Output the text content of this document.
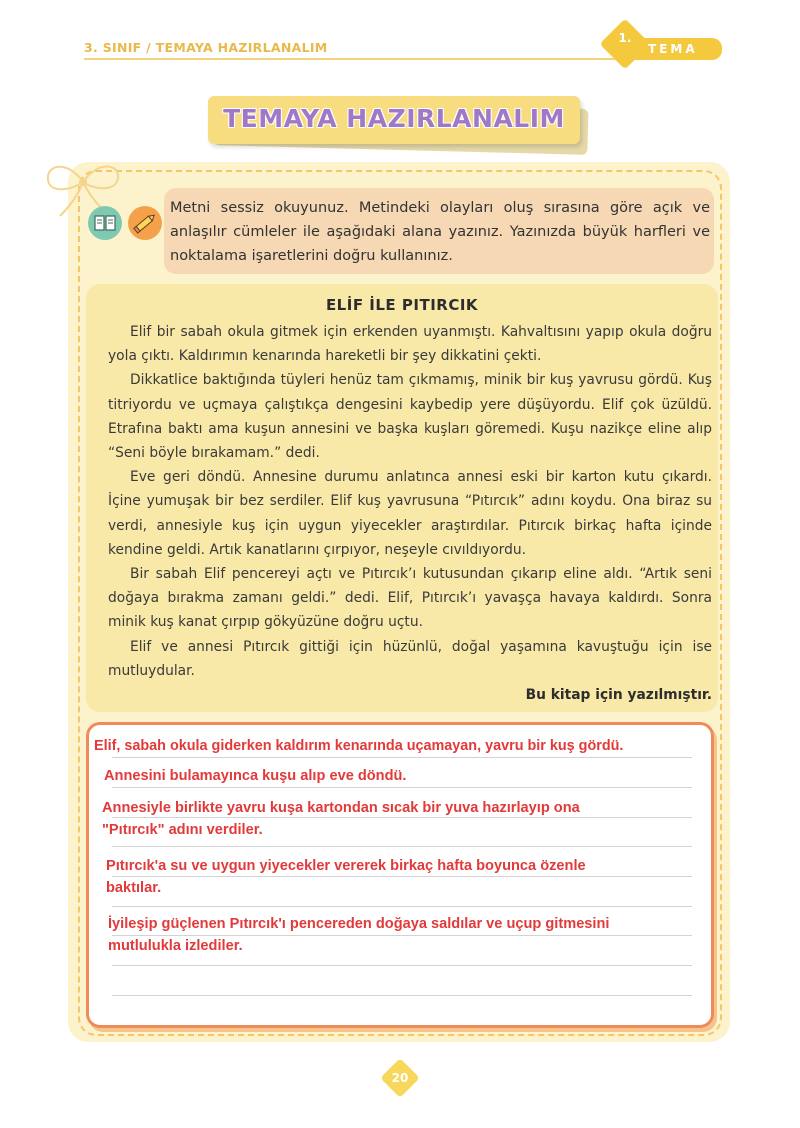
3. SINIF / TEMAYA HAZIRLANALIM
1.
TEMA
TEMAYA HAZIRLANALIM
Metni sessiz okuyunuz. Metindeki olayları oluş sırasına göre açık ve anlaşılır cümleler ile aşağıdaki alana yazınız. Yazınızda büyük harfleri ve noktalama işaretlerini doğru kullanınız.
ELİF İLE PITIRCIK

Elif bir sabah okula gitmek için erkenden uyanmıştı. Kahvaltısını yapıp okula doğru yola çıktı. Kaldırımın kenarında hareketli bir şey dikkatini çekti.

Dikkatlice baktığında tüyleri henüz tam çıkmamış, minik bir kuş yavrusu gördü. Kuş titriyordu ve uçmaya çalıştıkça dengesini kaybedip yere düşüyordu. Elif çok üzüldü. Etrafına baktı ama kuşun annesini ve başka kuşları göremedi. Kuşu nazikçe eline alıp “Seni böyle bırakamam.” dedi.

Eve geri döndü. Annesine durumu anlatınca annesi eski bir karton kutu çıkardı. İçine yumuşak bir bez serdiler. Elif kuş yavrusuna “Pıtırcık” adını koydu. Ona biraz su verdi, annesiyle kuş için uygun yiyecekler araştırdılar. Pıtırcık birkaç hafta içinde kendine geldi. Artık kanatlarını çırpıyor, neşeyle cıvıldıyordu.

Bir sabah Elif pencereyi açtı ve Pıtırcık’ı kutusundan çıkarıp eline aldı. “Artık seni doğaya bırakma zamanı geldi.” dedi. Elif, Pıtırcık’ı yavaşça havaya kaldırdı. Sonra minik kuş kanat çırpıp gökyüzüne doğru uçtu.

Elif ve annesi Pıtırcık gittiği için hüzünlü, doğal yaşamına kavuştuğu için ise mutluydular.

Bu kitap için yazılmıştır.

Elif, sabah okula giderken kaldırım kenarında uçamayan, yavru bir kuş gördü.
Annesini bulamayınca kuşu alıp eve döndü.
Annesiyle birlikte yavru kuşa kartondan sıcak bir yuva hazırlayıp ona
"Pıtırcık" adını verdiler.
Pıtırcık'a su ve uygun yiyecekler vererek birkaç hafta boyunca özenle
baktılar.
İyileşip güçlenen Pıtırcık'ı pencereden doğaya saldılar ve uçup gitmesini
mutlulukla izlediler.
20
